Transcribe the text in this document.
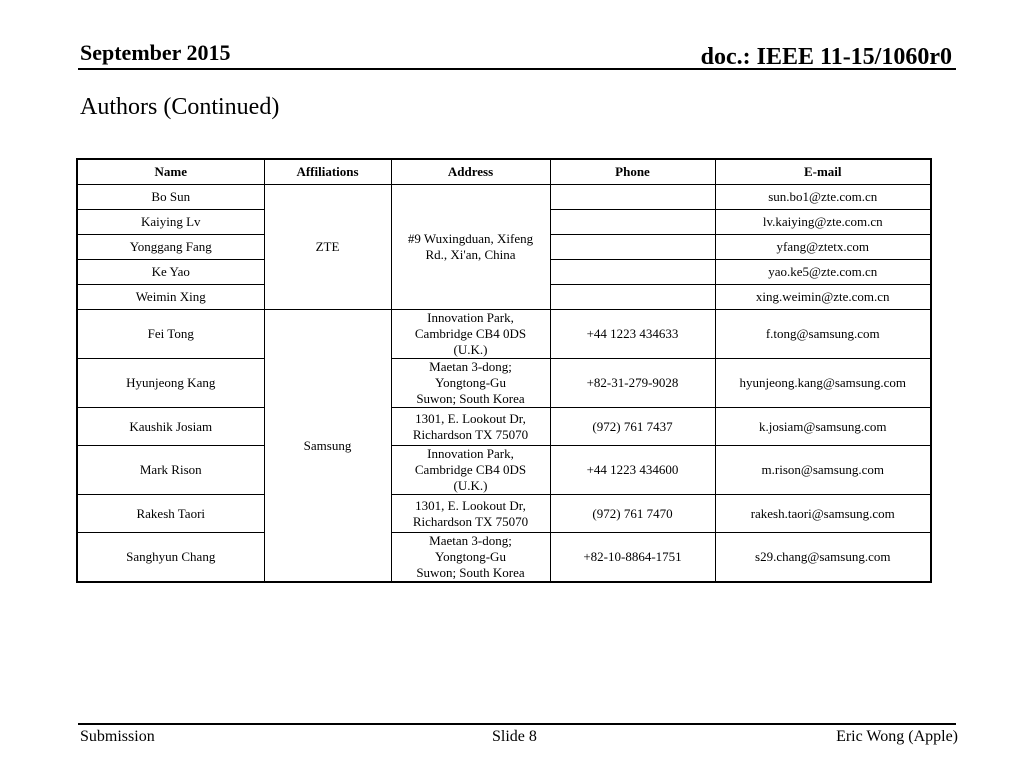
September 2015	doc.: IEEE 11-15/1060r0
Authors (Continued)
Name	Affiliations	Address	Phone	E-mail
Bo Sun	ZTE	#9 Wuxingduan, Xifeng Rd., Xi'an, China		sun.bo1@zte.com.cn
Kaiying Lv				lv.kaiying@zte.com.cn
Yonggang Fang				yfang@ztetx.com
Ke Yao				yao.ke5@zte.com.cn
Weimin Xing				xing.weimin@zte.com.cn
Fei Tong	Samsung	Innovation Park,
Cambridge CB4 0DS
(U.K.)	+44 1223 434633	f.tong@samsung.com
Hyunjeong Kang		Maetan 3-dong;
Yongtong-Gu
Suwon; South Korea	+82-31-279-9028	hyunjeong.kang@samsung.com
Kaushik Josiam		1301, E. Lookout Dr,
Richardson TX 75070	(972) 761 7437	k.josiam@samsung.com
Mark Rison		Innovation Park,
Cambridge CB4 0DS
(U.K.)	+44 1223 434600	m.rison@samsung.com
Rakesh Taori		1301, E. Lookout Dr,
Richardson TX 75070	(972) 761 7470	rakesh.taori@samsung.com
Sanghyun Chang		Maetan 3-dong;
Yongtong-Gu
Suwon; South Korea	+82-10-8864-1751	s29.chang@samsung.com
Submission	Slide 8	Eric Wong (Apple)
